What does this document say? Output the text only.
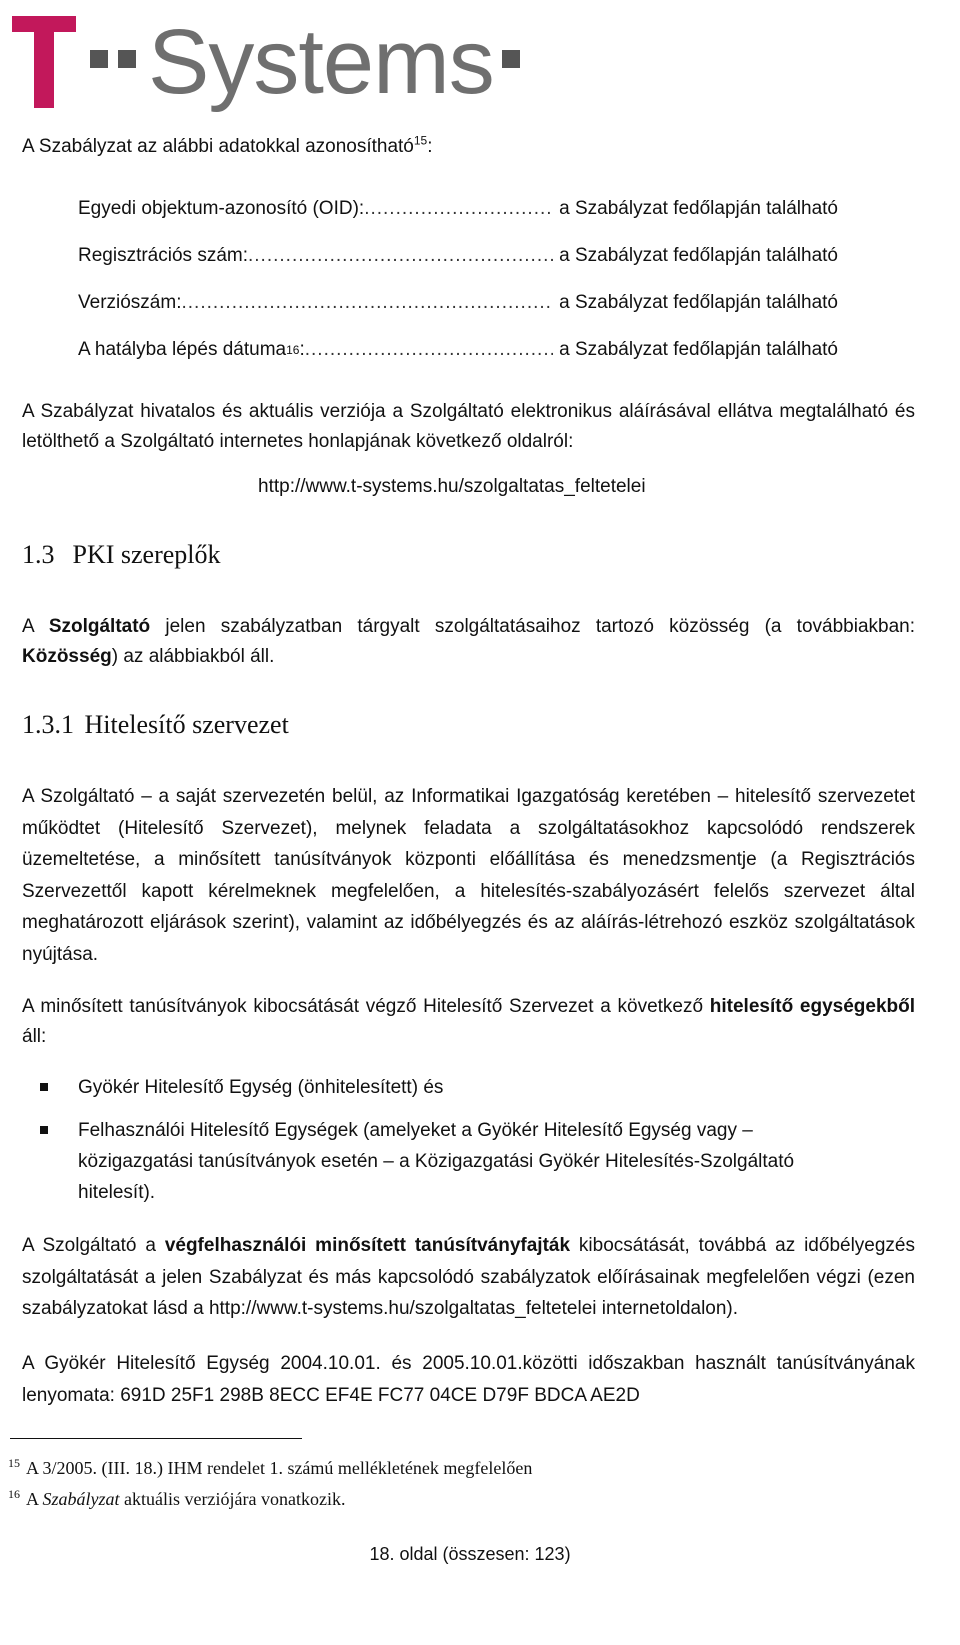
Systems
A Szabályzat az alábbi adatokkal azonosítható$^{15}$:
Egyedi objektum-azonosító (OID): .....	a Szabályzat fedőlapján található
Regisztrációs szám: .....	a Szabályzat fedőlapján található
Verziószám: .....	a Szabályzat fedőlapján található
A hatályba lépés dátuma 16 : .....	a Szabályzat fedőlapján található
A Szabályzat hivatalos és aktuális verziója a Szolgáltató elektronikus aláírásával ellátva megtalálható és letölthető a Szolgáltató internetes honlapjának következő oldalról:
http://www.t-systems.hu/szolgaltatas_feltetelei
1.3 PKI szereplők
A Szolgáltató jelen szabályzatban tárgyalt szolgáltatásaihoz tartozó közösség (a továbbiakban: Közösség) az alábbiakból áll.
1.3.1 Hitelesítő szervezet
A Szolgáltató – a saját szervezetén belül, az Informatikai Igazgatóság keretében – hitelesítő szervezetet működtet (Hitelesítő Szervezet), melynek feladata a szolgáltatásokhoz kapcsolódó rendszerek üzemeltetése, a minősített tanúsítványok központi előállítása és menedzsmentje (a Regisztrációs Szervezettől kapott kérelmeknek megfelelően, a hitelesítés-szabályozásért felelős szervezet által meghatározott eljárások szerint), valamint az időbélyegzés és az aláírás-létrehozó eszköz szolgáltatások nyújtása.
A minősített tanúsítványok kibocsátását végző Hitelesítő Szervezet a következő hitelesítő egységekből áll:
Gyökér Hitelesítő Egység (önhitelesített) és
Felhasználói Hitelesítő Egységek (amelyeket a Gyökér Hitelesítő Egység vagy – közigazgatási tanúsítványok esetén – a Közigazgatási Gyökér Hitelesítés-Szolgáltató hitelesít).
A Szolgáltató a végfelhasználói minősített tanúsítványfajták kibocsátását, továbbá az időbélyegzés szolgáltatását a jelen Szabályzat és más kapcsolódó szabályzatok előírásainak megfelelően végzi (ezen szabályzatokat lásd a http://www.t-systems.hu/szolgaltatas_feltetelei internetoldalon).
A Gyökér Hitelesítő Egység 2004.10.01. és 2005.10.01.közötti időszakban használt tanúsítványának lenyomata: 691D 25F1 298B 8ECC EF4E FC77 04CE D79F BDCA AE2D
$^{15}$ A 3/2005. (III. 18.) IHM rendelet 1. számú mellékletének megfelelően
$^{16}$ A Szabályzat aktuális verziójára vonatkozik.
18. oldal (összesen: 123)
